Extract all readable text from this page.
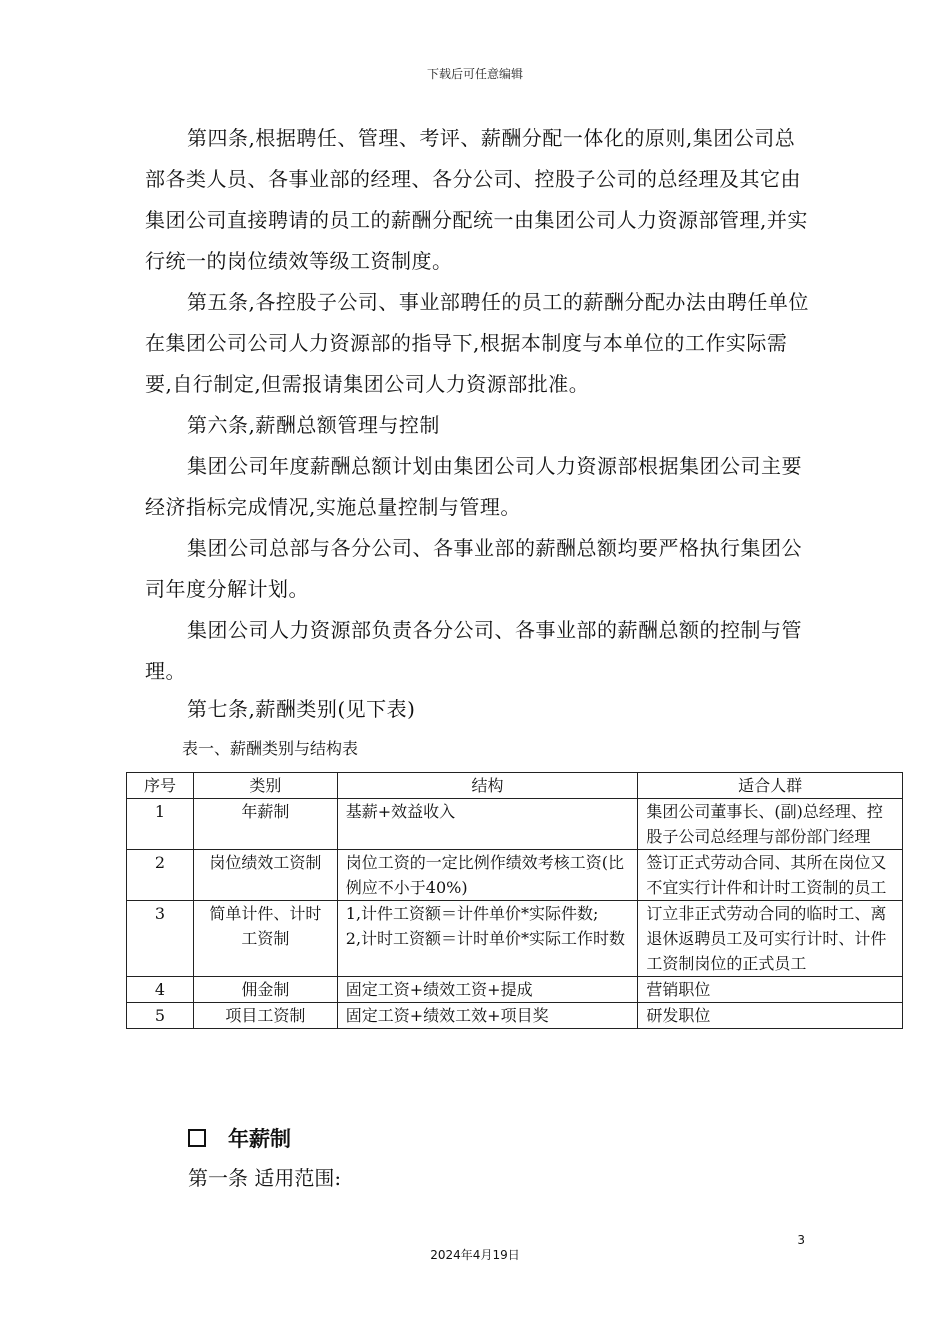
下载后可任意编辑

第四条,根据聘任、管理、考评、薪酬分配一体化的原则,集团公司总部各类人员、各事业部的经理、各分公司、控股子公司的总经理及其它由集团公司直接聘请的员工的薪酬分配统一由集团公司人力资源部管理,并实行统一的岗位绩效等级工资制度。

第五条,各控股子公司、事业部聘任的员工的薪酬分配办法由聘任单位在集团公司公司人力资源部的指导下,根据本制度与本单位的工作实际需要,自行制定,但需报请集团公司人力资源部批准。

第六条,薪酬总额管理与控制

集团公司年度薪酬总额计划由集团公司人力资源部根据集团公司主要经济指标完成情况,实施总量控制与管理。

集团公司总部与各分公司、各事业部的薪酬总额均要严格执行集团公司年度分解计划。

集团公司人力资源部负责各分公司、各事业部的薪酬总额的控制与管理。

第七条,薪酬类别(见下表)

表一、薪酬类别与结构表

序号	类别	结构	适合人群
1	年薪制	基薪+效益收入	集团公司董事长、(副)总经理、控股子公司总经理与部份部门经理
2	岗位绩效工资制	岗位工资的一定比例作绩效考核工资(比例应不小于40%)	签订正式劳动合同、其所在岗位又不宜实行计件和计时工资制的员工
3	简单计件、计时工资制	1,计件工资额＝计件单价*实际件数;
2,计时工资额＝计时单价*实际工作时数	订立非正式劳动合同的临时工、离退休返聘员工及可实行计时、计件工资制岗位的正式员工
4	佣金制	固定工资+绩效工资+提成	营销职位
5	项目工资制	固定工资+绩效工效+项目奖	研发职位
年薪制

第一条 适用范围:

3
2024年4月19日
